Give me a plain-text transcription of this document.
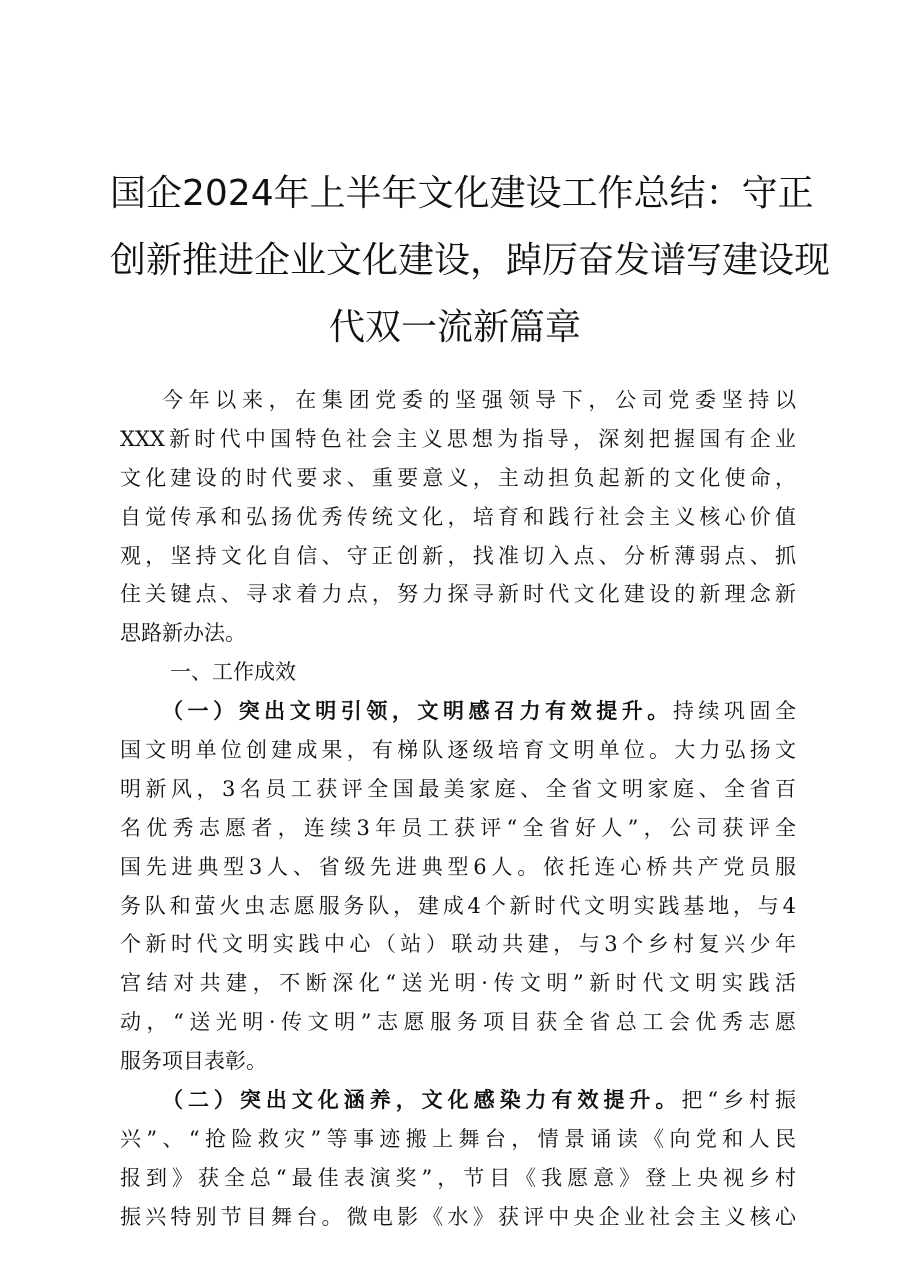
国企2024年上半年文化建设工作总结：守正
创新推进企业文化建设，踔厉奋发谱写建设现
代双一流新篇章
今年以来，在集团党委的坚强领导下，公司党委坚持以
XXX新时代中国特色社会主义思想为指导，深刻把握国有企业
文化建设的时代要求、重要意义，主动担负起新的文化使命，
自觉传承和弘扬优秀传统文化，培育和践行社会主义核心价值
观，坚持文化自信、守正创新，找准切入点、分析薄弱点、抓
住关键点、寻求着力点，努力探寻新时代文化建设的新理念新
思路新办法。
一、工作成效
（一）突出文明引领，文明感召力有效提升。持续巩固全
国文明单位创建成果，有梯队逐级培育文明单位。大力弘扬文
明新风，3名员工获评全国最美家庭、全省文明家庭、全省百
名优秀志愿者，连续3年员工获评“全省好人”，公司获评全
国先进典型3人、省级先进典型6人。依托连心桥共产党员服
务队和萤火虫志愿服务队，建成4个新时代文明实践基地，与4
个新时代文明实践中心（站）联动共建，与3个乡村复兴少年
宫结对共建，不断深化“送光明·传文明”新时代文明实践活
动，“送光明·传文明”志愿服务项目获全省总工会优秀志愿
服务项目表彰。
（二）突出文化涵养，文化感染力有效提升。把“乡村振
兴”、“抢险救灾”等事迹搬上舞台，情景诵读《向党和人民
报到》获全总“最佳表演奖”，节目《我愿意》登上央视乡村
振兴特别节目舞台。微电影《水》获评中央企业社会主义核心
